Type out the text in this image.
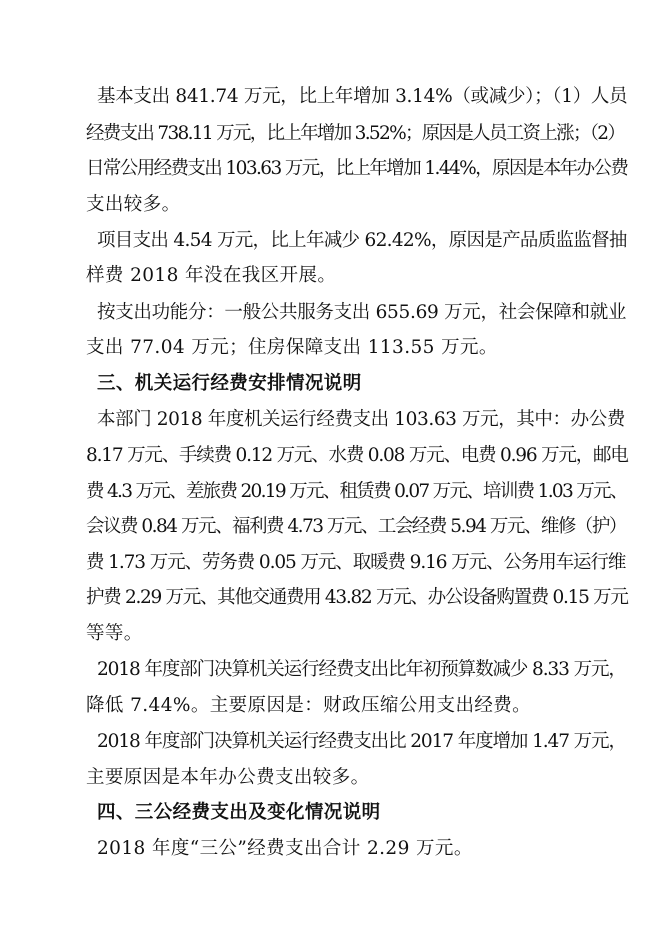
基本支出 841.74 万元，比上年增加 3.14%（或减少）；（1）人员
经费支出 738.11 万元，比上年增加 3.52%；原因是人员工资上涨；（2）
日常公用经费支出 103.63 万元，比上年增加 1.44%，原因是本年办公费
支出较多。
项目支出 4.54 万元，比上年减少 62.42%，原因是产品质监监督抽
样费 2018 年没在我区开展。
按支出功能分：一般公共服务支出 655.69 万元，社会保障和就业
支出 77.04 万元；住房保障支出 113.55 万元。
三、机关运行经费安排情况说明
本部门 2018 年度机关运行经费支出 103.63 万元，其中：办公费
8.17 万元、手续费 0.12 万元、水费 0.08 万元、电费 0.96 万元，邮电
费 4.3 万元、差旅费 20.19 万元、租赁费 0.07 万元、培训费 1.03 万元、
会议费 0.84 万元、福利费 4.73 万元、工会经费 5.94 万元、维修（护）
费 1.73 万元、劳务费 0.05 万元、取暖费 9.16 万元、公务用车运行维
护费 2.29 万元、其他交通费用 43.82 万元、办公设备购置费 0.15 万元
等等。
2018 年度部门决算机关运行经费支出比年初预算数减少 8.33 万元，
降低 7.44%。主要原因是：财政压缩公用支出经费。
2018 年度部门决算机关运行经费支出比 2017 年度增加 1.47 万元，
主要原因是本年办公费支出较多。
四、三公经费支出及变化情况说明
2018 年度“三公”经费支出合计 2.29 万元。
